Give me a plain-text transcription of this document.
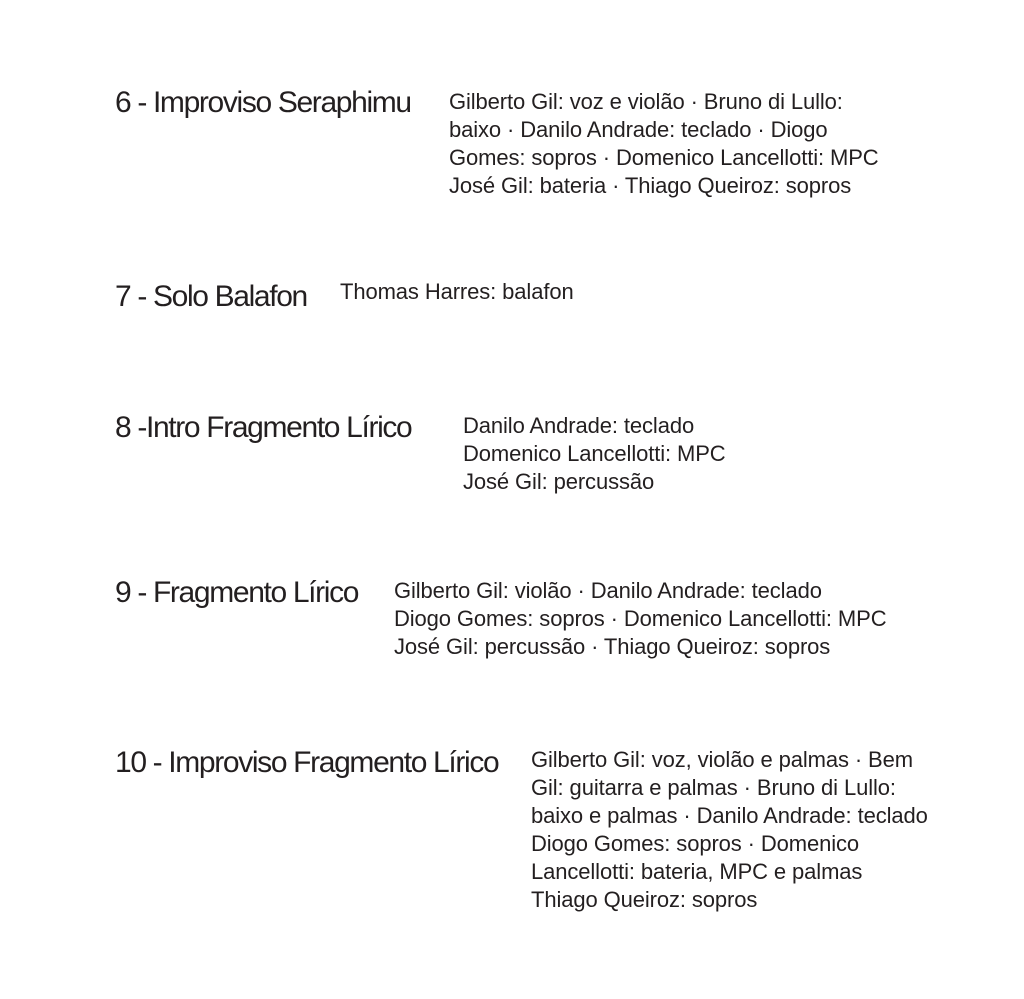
6 - Improviso Seraphimu Gilberto Gil: voz e violão · Bruno di Lullo:
baixo · Danilo Andrade: teclado · Diogo
Gomes: sopros · Domenico Lancellotti: MPC
José Gil: bateria · Thiago Queiroz: sopros
7 - Solo Balafon Thomas Harres: balafon
8 -Intro Fragmento Lírico Danilo Andrade: teclado
Domenico Lancellotti: MPC
José Gil: percussão
9 - Fragmento Lírico Gilberto Gil: violão · Danilo Andrade: teclado
Diogo Gomes: sopros · Domenico Lancellotti: MPC
José Gil: percussão · Thiago Queiroz: sopros
10 - Improviso Fragmento Lírico Gilberto Gil: voz, violão e palmas · Bem
Gil: guitarra e palmas · Bruno di Lullo:
baixo e palmas · Danilo Andrade: teclado
Diogo Gomes: sopros · Domenico
Lancellotti: bateria, MPC e palmas
Thiago Queiroz: sopros
